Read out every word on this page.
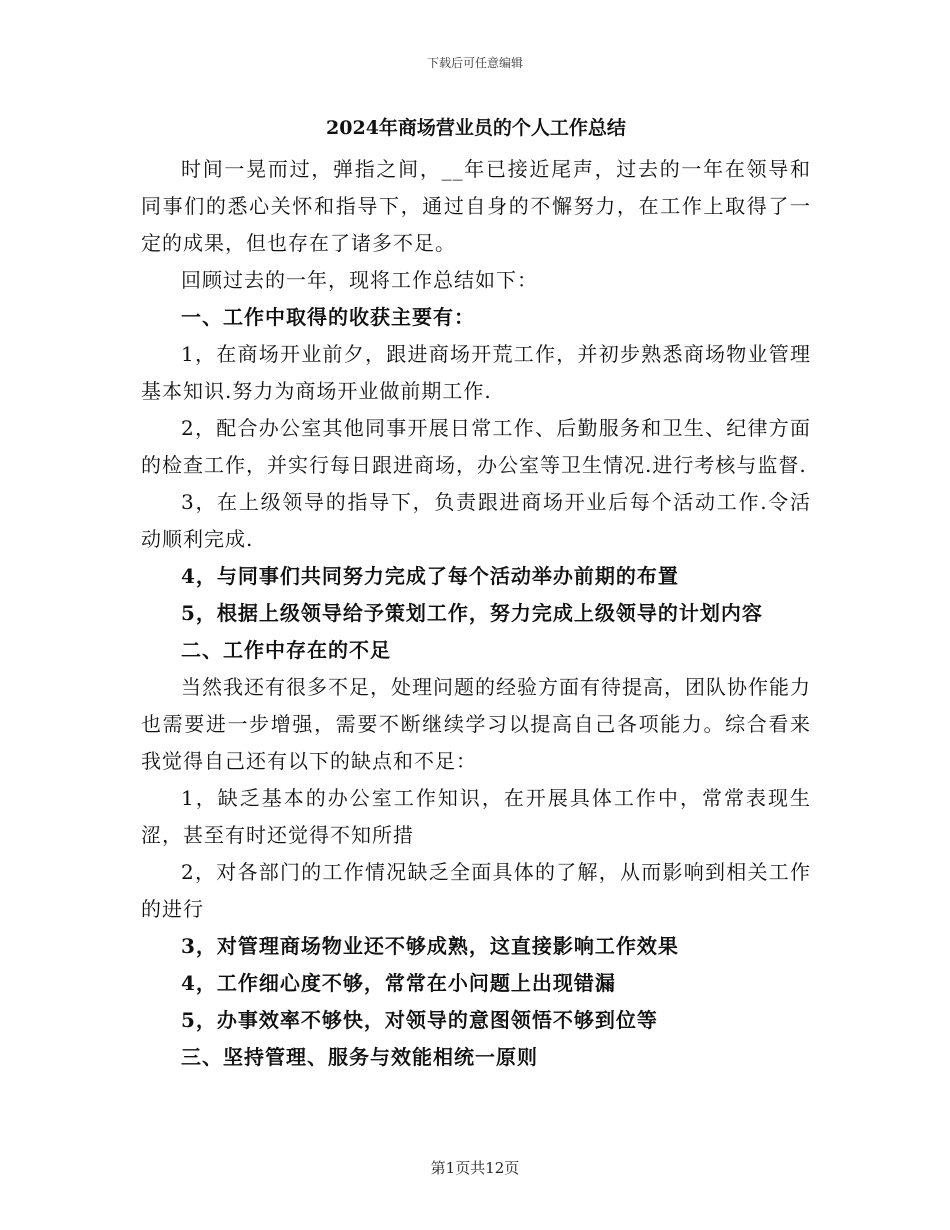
下载后可任意编辑
2024年商场营业员的个人工作总结

时间一晃而过，弹指之间，__年已接近尾声，过去的一年在领导和同事们的悉心关怀和指导下，通过自身的不懈努力，在工作上取得了一定的成果，但也存在了诸多不足。

回顾过去的一年，现将工作总结如下：

一、工作中取得的收获主要有：

1，在商场开业前夕，跟进商场开荒工作，并初步熟悉商场物业管理基本知识.努力为商场开业做前期工作.

2，配合办公室其他同事开展日常工作、后勤服务和卫生、纪律方面的检查工作，并实行每日跟进商场，办公室等卫生情况.进行考核与监督.

3，在上级领导的指导下，负责跟进商场开业后每个活动工作.令活动顺利完成.

4，与同事们共同努力完成了每个活动举办前期的布置

5，根据上级领导给予策划工作，努力完成上级领导的计划内容

二、工作中存在的不足

当然我还有很多不足，处理问题的经验方面有待提高，团队协作能力也需要进一步增强，需要不断继续学习以提高自己各项能力。综合看来我觉得自己还有以下的缺点和不足：

1，缺乏基本的办公室工作知识，在开展具体工作中，常常表现生涩，甚至有时还觉得不知所措

2，对各部门的工作情况缺乏全面具体的了解，从而影响到相关工作的进行

3，对管理商场物业还不够成熟，这直接影响工作效果

4，工作细心度不够，常常在小问题上出现错漏

5，办事效率不够快，对领导的意图领悟不够到位等

三、坚持管理、服务与效能相统一原则

第1页共12页
